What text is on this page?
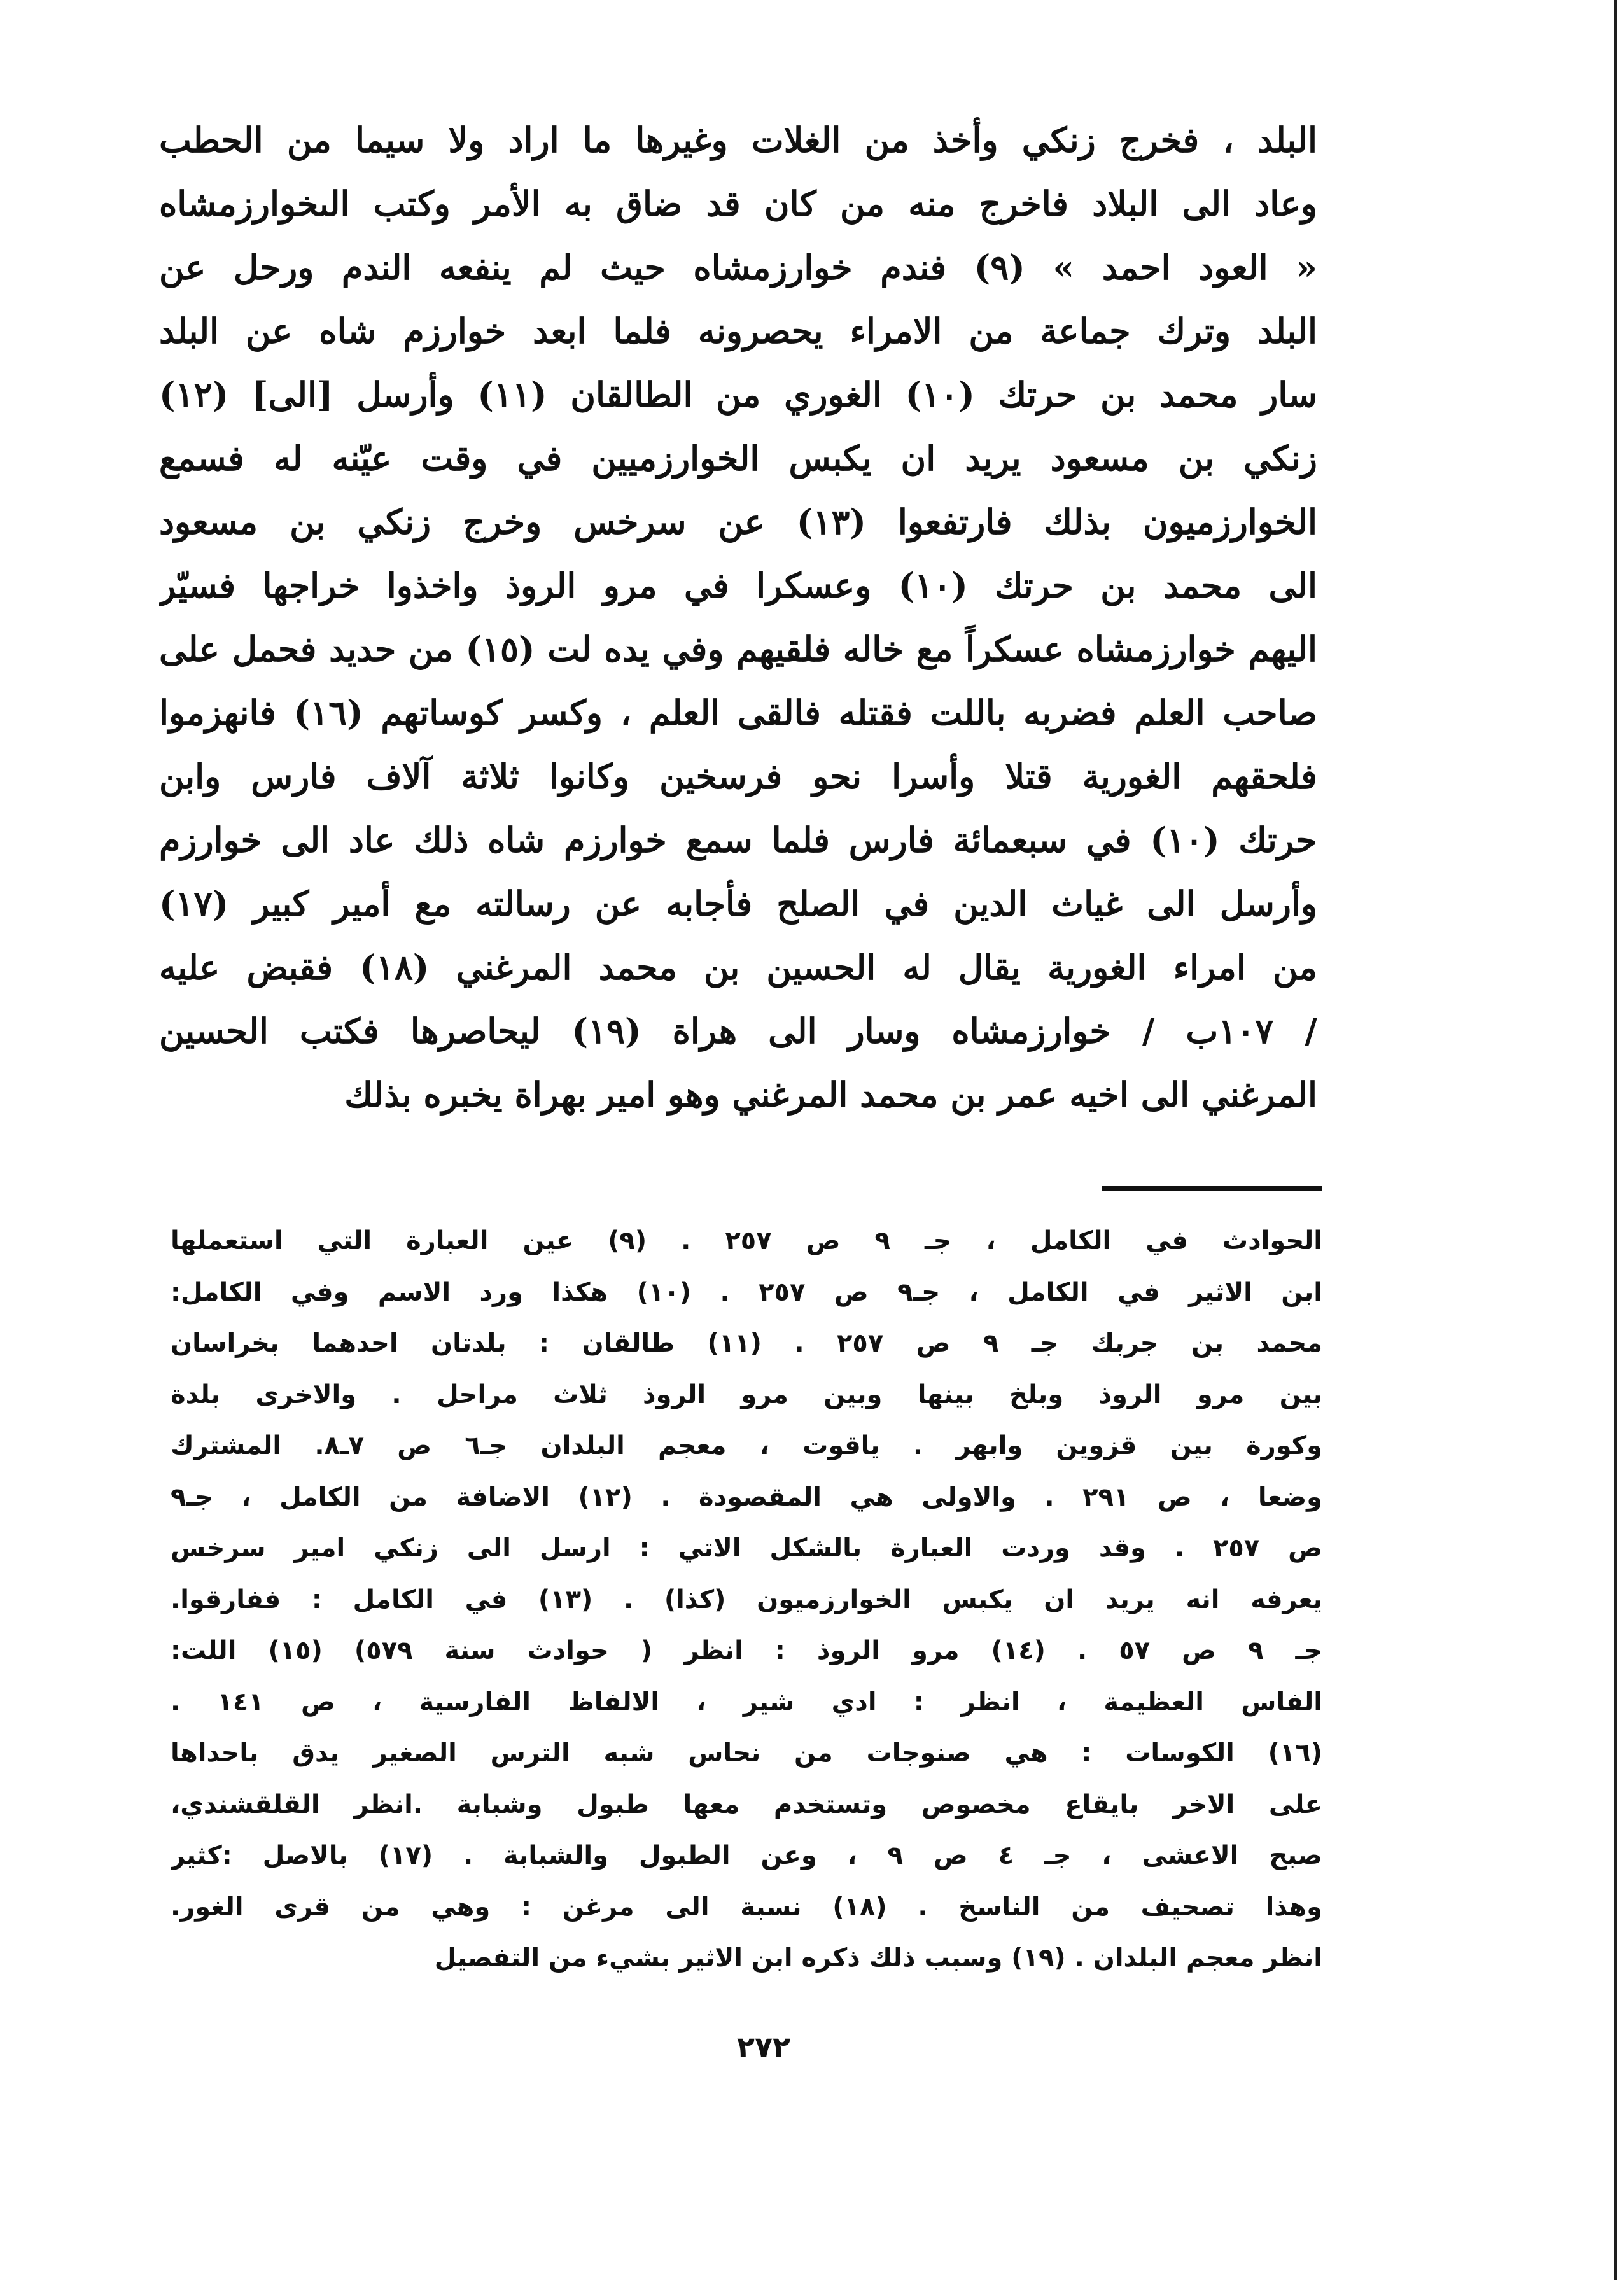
البلد ، فخرج زنكي وأخذ من الغلات وغيرها ما اراد ولا سيما من الحطب
وعاد الى البلاد فاخرج منه من كان قد ضاق به الأمر وكتب الىخوارزمشاه
« العود احمد » (٩) فندم خوارزمشاه حيث لم ينفعه الندم ورحل عن
البلد وترك جماعة من الامراء يحصرونه فلما ابعد خوارزم شاه عن البلد
سار محمد بن حرتك (١٠) الغوري من الطالقان (١١) وأرسل [الى] (١٢)
زنكي بن مسعود يريد ان يكبس الخوارزميين في وقت عيّنه له فسمع
الخوارزميون بذلك فارتفعوا (١٣) عن سرخس وخرج زنكي بن مسعود
الى محمد بن حرتك (١٠) وعسكرا في مرو الروذ واخذوا خراجها فسيّر
اليهم خوارزمشاه عسكراً مع خاله فلقيهم وفي يده لت (١٥) من حديد فحمل على
صاحب العلم فضربه باللت فقتله فالقى العلم ، وكسر كوساتهم (١٦) فانهزموا
فلحقهم الغورية قتلا وأسرا نحو فرسخين وكانوا ثلاثة آلاف فارس وابن
حرتك (١٠) في سبعمائة فارس فلما سمع خوارزم شاه ذلك عاد الى خوارزم
وأرسل الى غياث الدين في الصلح فأجابه عن رسالته مع أمير كبير (١٧)
من امراء الغورية يقال له الحسين بن محمد المرغني (١٨) فقبض عليه
/ ١٠٧ب / خوارزمشاه وسار الى هراة (١٩) ليحاصرها فكتب الحسين
المرغني الى اخيه عمر بن محمد المرغني وهو امير بهراة يخبره بذلك
الحوادث في الكامل ، جـ ٩ ص ٢٥٧ . (٩) عين العبارة التي استعملها
ابن الاثير في الكامل ، جـ٩ ص ٢٥٧ . (١٠) هكذا ورد الاسم وفي الكامل:
محمد بن جربك جـ ٩ ص ٢٥٧ . (١١) طالقان : بلدتان احدهما بخراسان
بين مرو الروذ وبلخ بينها وبين مرو الروذ ثلاث مراحل . والاخرى بلدة
وكورة بين قزوين وابهر . ياقوت ، معجم البلدان جـ٦ ص ٧ـ٨. المشترك
وضعا ، ص ٢٩١ . والاولى هي المقصودة . (١٢) الاضافة من الكامل ، جـ٩
ص ٢٥٧ . وقد وردت العبارة بالشكل الاتي : ارسل الى زنكي امير سرخس
يعرفه انه يريد ان يكبس الخوارزميون (كذا) . (١٣) في الكامل : ففارقوا.
جـ ٩ ص ٥٧ . (١٤) مرو الروذ : انظر ( حوادث سنة ٥٧٩) (١٥) اللت:
الفاس العظيمة ، انظر : ادي شير ، الالفاظ الفارسية ، ص ١٤١ .
(١٦) الكوسات : هي صنوجات من نحاس شبه الترس الصغير يدق باحداها
على الاخر بايقاع مخصوص وتستخدم معها طبول وشبابة .انظر القلقشندي،
صبح الاعشى ، جـ ٤ ص ٩ ، وعن الطبول والشبابة . (١٧) بالاصل :كثير
وهذا تصحيف من الناسخ . (١٨) نسبة الى مرغن : وهي من قرى الغور.
انظر معجم البلدان . (١٩) وسبب ذلك ذكره ابن الاثير بشيء من التفصيل
٢٧٢
